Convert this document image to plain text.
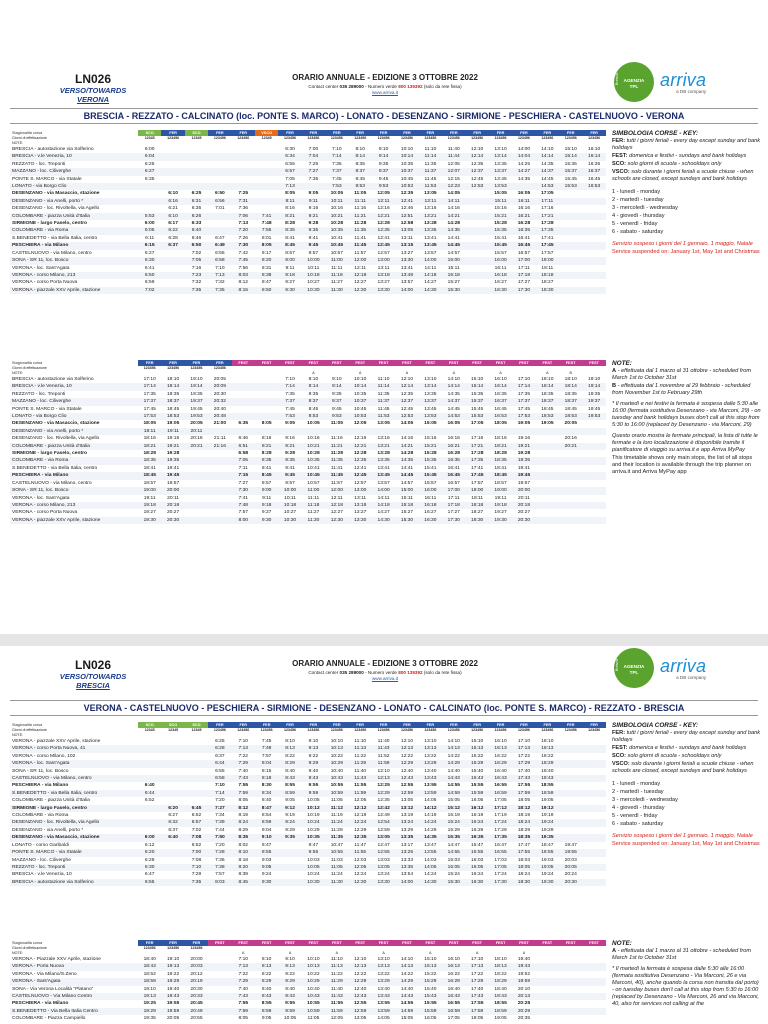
LN026
VERSO/TOWARDS VERONA
ORARIO ANNUALE - EDIZIONE 3 OTTOBRE 2022
Contact center 035 289000 - Numero verde 800 139392 (solo da rete fissa)
www.arriva.it
Brescia	AGENZIA
TPL	arriva
a DB company
BRESCIA - REZZATO - CALCINATO (loc. PONTE S. MARCO) - LONATO - DESENZANO - SIRMIONE - PESCHIERA - CASTELNUOVO - VERONA
Stagionalità corsa	SCO	FER	SCO	FER	FER	VSCO	FER	FER	FER	FER	FER	FER	FER	FER	FER	FER	FER	FER	FER	FER
Giorni di effettuazione	12345	123456	12345	123456	123456	12345	123456	123456	123456	123456	123456	123456	123456	123456	123456	123456	123456	123456	123456	123456
NOTE:																				
BRESCIA - autostazione via Solferino	6:00						6:30	7:00	7:10	8:10	9:10	10:10	11:10	11:40	12:10	13:10	14:00	14:10	15:10	16:10
BRESCIA - v.le Venezia, 10	6:04						6:34	7:04	7:14	8:14	9:14	10:14	11:14	11:44	12:14	13:14	14:04	14:14	15:14	16:14
REZZATO - loc. Treponti	6:25						6:55	7:25	7:35	8:35	9:35	10:35	11:35	12:05	12:35	13:35	14:25	14:35	15:35	16:35
MAZZANO - loc. Ciliverghe	6:27						6:57	7:27	7:37	8:37	9:37	10:37	11:37	12:07	12:37	13:37	14:27	14:37	15:37	16:37
PONTE S. MARCO - via Statale	6:35						7:05	7:35	7:45	8:45	9:45	10:45	11:45	12:15	12:45	13:45	14:35	14:45	15:45	16:45
LONATO - via Borgo Clio							7:13		7:53	8:53	9:53	10:53	11:53	12:23	12:53	13:53		14:53	15:53	16:53
DESENZANO - via Masaccio, stazione		6:10	6:25	6:50	7:25		8:05	9:05	10:05	11:05	12:05	12:35	13:05	14:05		15:05	16:05	17:05		
DESENZANO - via Anelli, porto *		6:16	6:31	6:56	7:31		8:11	9:11	10:11	11:11	12:11	12:41	13:11	14:11		15:11	16:11	17:11		
DESENZANO - loc. Rivoltella, via Agello		6:21	6:35	7:01	7:36		8:16	9:16	10:16	11:16	12:16	12:46	13:16	14:16		15:16	16:16	17:16		
COLOMBARE - piazza Unità d'Italia	5:53	6:10	6:26		7:06	7:41	8:21	9:21	10:21	11:21	12:21	12:51	13:21	14:21		15:21	16:21	17:21		
SIRMIONE - largo Faselo, centro	6:00	6:17	6:33		7:13	7:48	8:28	9:28	10:28	11:28	12:28	12:58	13:28	14:28		15:28	16:28	17:28		
COLOMBARE - via Roma	6:05	6:22	6:40		7:20	7:55	8:35	9:35	10:35	11:35	12:35	13:05	13:35	14:35		15:35	16:35	17:35		
S.BENEDETTO - via Bella Italia, centro	6:11	6:28	6:46	6:47	7:26	8:01	8:41	9:41	10:41	11:41	12:41	13:11	13:41	14:41		15:41	16:41	17:41		
PESCHIERA - via Milano	6:15	6:37	6:50	6:49	7:30	8:05	8:45	9:45	10:45	11:45	12:45	13:15	13:45	14:45		15:45	16:45	17:45		
CASTELNUOVO - via Milano, centro	6:27		7:02	6:55	7:42	8:17	8:57	9:57	10:57	11:57	12:57	13:27	13:57	14:57		15:57	16:57	17:57		
SONA - SR 11, loc. Bosco	6:30		7:05	6:58	7:45	8:20	9:00	10:00	11:00	12:00	13:00	13:30	14:00	15:00		16:00	17:00	18:00		
VERONA - loc. Sant'Agata	6:41		7:16	7:10	7:56	8:31	9:11	10:11	11:11	12:11	13:11	13:41	14:11	15:11		16:11	17:11	18:11		
VERONA - corso Milano, 213	6:50		7:23	7:13	8:03	8:38	9:18	10:18	11:18	12:18	13:18	13:48	14:18	15:18		16:18	17:18	18:18		
VERONA - corso Porta Nuova	6:59		7:32	7:32	8:12	8:47	9:27	10:27	11:27	12:27	13:27	13:57	14:27	15:27		16:27	17:27	18:27		
VERONA - piazzale XXV Aprile, stazione	7:02		7:35	7:35	8:15	8:50	9:30	10:30	11:30	12:30	13:30	14:00	14:30	15:30		16:30	17:30	18:30		
Stagionalità corsa	FER	FER	FER	FER	FEST	FEST	FEST	FEST	FEST	FEST	FEST	FEST	FEST	FEST	FEST	FEST	FEST	FEST	FEST	FEST
Giorni di effettuazione	123456	123456	123456	123456																
NOTE:								A		A		A		A		A		A	B	
BRESCIA - autostazione via Solferino	17:10	18:10	19:10	20:05			7:10	8:10	9:10	10:10	11:10	12:10	13:10	14:10	15:10	16:10	17:10	18:10	18:10	19:10
BRESCIA - v.le Venezia, 10	17:14	18:14	19:14	20:09			7:14	8:14	9:14	10:14	11:14	12:14	13:14	14:14	15:14	16:14	17:14	18:14	18:14	19:14
REZZATO - loc. Treponti	17:35	18:35	19:35	20:30			7:35	8:35	9:35	10:35	11:35	12:35	13:35	14:35	15:35	16:35	17:35	18:35	18:35	19:35
MAZZANO - loc. Ciliverghe	17:37	18:37	19:37	20:32			7:37	8:37	9:37	10:37	11:37	12:37	13:37	14:37	15:37	16:37	17:37	18:37	18:37	19:37
PONTE S. MARCO - via Statale	17:45	18:45	19:45	20:40			7:45	8:45	9:45	10:45	11:45	12:45	13:45	14:45	15:45	16:45	17:45	18:45	18:45	19:45
LONATO - via Borgo Clio	17:53	18:53	19:53	20:48			7:53	8:53	9:53	10:53	11:53	12:53	13:53	14:53	15:53	16:53	17:53	18:53	18:53	19:53
DESENZANO - via Masaccio, stazione	18:05	19:05	20:05	21:00	6:35	8:05	9:05	10:05	11:05	12:05	13:05	14:05	15:05	16:05	17:05	18:05	19:05	19:05	20:05	
DESENZANO - via Anelli, porto *	18:11	19:11	20:11																	
DESENZANO - loc. Rivoltella, via Agello	18:16	19:16	20:16	21:11	6:46	8:16	9:16	10:16	11:16	12:16	13:16	14:16	15:16	16:16	17:16	18:16	19:16		20:16	
COLOMBARE - piazza Unità d'Italia	18:21	19:21	20:21	21:16	6:51	8:21	9:21	10:21	11:21	12:21	13:21	14:21	15:21	16:21	17:21	18:21	19:21		20:21	
SIRMIONE - largo Faselo, centro	18:28	19:28			6:58	8:28	9:28	10:28	11:28	12:28	13:28	14:28	15:28	16:28	17:28	18:28	19:28			
COLOMBARE - via Roma	18:35	19:35			7:05	8:35	9:35	10:35	11:35	12:35	13:35	14:35	15:35	16:35	17:35	18:35	19:35			
S.BENEDETTO - via Bella Italia, centro	18:41	19:41			7:11	8:41	9:41	10:41	11:41	12:41	13:41	14:41	15:41	16:41	17:41	18:41	19:41			
PESCHIERA - via Milano	18:45	19:45			7:15	8:45	9:45	10:45	11:45	12:45	13:45	14:45	15:45	16:45	17:45	18:45	19:45			
CASTELNUOVO - via Milano, centro	18:57	19:57			7:27	8:57	9:57	10:57	11:57	12:57	13:57	14:57	15:57	16:57	17:57	18:57	19:57			
SONA - SR 11, loc. Bosco	19:00	20:00			7:30	9:00	10:00	11:00	12:00	13:00	14:00	15:00	16:00	17:00	18:00	19:00	20:00			
VERONA - loc. Sant'Agata	19:11	20:11			7:41	9:11	10:11	11:11	12:11	13:11	14:11	15:11	16:11	17:11	18:11	19:11	20:11			
VERONA - corso Milano, 213	19:18	20:18			7:48	9:18	10:18	11:18	12:18	13:18	14:18	15:18	16:18	17:18	18:18	19:18	20:18			
VERONA - corso Porta Nuova	19:27	20:27			7:57	9:27	10:27	11:27	12:27	13:27	14:27	15:27	16:27	17:27	18:27	19:27	20:27			
VERONA - piazzale XXV Aprile, stazione	19:30	20:30			8:00	9:30	10:30	11:30	12:30	13:30	14:30	15:30	16:30	17:30	18:30	19:30	20:30			
SIMBOLOGIA CORSE - KEY:

FER: tutti i giorni feriali - every day except sunday and bank holidays

FEST: domenica e festivi - sundays and bank holidays

SCO: solo giorni di scuola - schooldays only

VSCO: solo durante i giorni feriali a scuole chiuse - when schools are closed, except sundays and bank holidays

1 - lunedì - monday

2 - martedì - tuesday

3 - mercoledì - wednesday

4 - giovedì - thursday

5 - venerdì - friday

6 - sabato - saturday

Servizio sospeso i giorni del 1 gennaio, 1 maggio, Natale
Service suspended on: January 1st, May 1st and Christmas
NOTE:

A - effettuata dal 1 marzo al 31 ottobre - scheduled from March 1st to October 31st

B - effettuata dal 1 novembre al 29 febbraio - scheduled from November 1st to February 29th

* Il martedì e nei festivi la fermata è sospesa dalle 5:30 alle 16:00 (fermata sostitutiva Desenzano - via Marconi, 29) - on tuesday and bank holidays buses don't call at this stop from 5:30 to 16:00 (replaced by Desenzano - via Marconi, 29)

Questo orario mostra le fermate principali, la lista di tutte le fermate e la loro localizzazione è disponibile tramite il pianificatore di viaggio su arriva.it e app Arriva MyPay

This timetable shows only main stops, the list of all stops and their location is available through the trip planner on arriva.it and Arriva MyPay app

LN026
VERSO/TOWARDS BRESCIA
ORARIO ANNUALE - EDIZIONE 3 OTTOBRE 2022
Contact center 035 289000 - Numero verde 800 139392 (solo da rete fissa)
www.arriva.it
Brescia	AGENZIA
TPL	arriva
a DB company
VERONA - CASTELNUOVO - PESCHIERA - SIRMIONE - DESENZANO - LONATO - CALCINATO (loc. PONTE S. MARCO) - REZZATO - BRESCIA
Stagionalità corsa	SCO	SCO	SCO	FER	FER	FER	FER	FER	FER	FER	FER	FER	FER	FER	FER	FER	FER	FER	FER	FER
Giorni di effettuazione	12345	12345	12345	123456	123456	123456	123456	123456	123456	123456	123456	123456	123456	123456	123456	123456	123456	123456	123456	123456
NOTE:																				
VERONA - piazzale XXV Aprile, stazione				6:25	7:10	7:45	8:10	9:10	10:10	11:10	11:40	12:10	13:10	14:10	15:10	16:10	17:10	18:10		
VERONA - corso Porta Nuova, 41				6:28	7:13	7:48	8:13	9:13	10:13	11:13	11:43	12:13	13:13	14:13	15:13	16:13	17:13	18:13		
VERONA - corso Milano, 102				6:37	7:22	7:57	8:22	9:22	10:22	11:22	11:52	12:22	13:22	14:22	15:22	16:22	17:22	18:22		
VERONA - loc. Sant'Agata				6:44	7:29	8:04	8:29	9:29	10:29	11:29	11:59	12:29	13:29	14:29	15:29	16:29	17:29	18:29		
SONA - SR 11, loc. Bosco				6:55	7:40	8:15	8:40	9:40	10:40	11:40	12:10	12:40	13:40	14:40	15:40	16:40	17:40	18:40		
CASTELNUOVO - via Milano, centro				6:58	7:43	8:18	8:43	9:43	10:43	11:43	12:13	12:43	13:43	14:43	15:43	16:43	17:43	18:43		
PESCHIERA - via Milano	6:40			7:10	7:55	8:30	8:55	9:55	10:55	11:55	12:25	12:55	13:55	14:55	15:55	16:55	17:55	18:55		
S.BENEDETTO - via Bella Italia, centro	6:44			7:14	7:59	8:34	8:59	9:59	10:59	11:59	12:29	12:59	13:59	14:59	15:59	16:59	17:59	18:59		
COLOMBARE - piazza Unità d'Italia	6:52			7:20	8:05	8:40	9:05	10:05	11:05	12:05	12:35	13:05	14:05	15:05	16:05	17:05	18:05	19:05		
SIRMIONE - largo Faselo, centro		6:20	6:45	7:27	8:12	8:47	9:12	10:12	11:12	12:12	12:42	13:12	14:12	15:12	16:12	17:12	18:12	19:12		
COLOMBARE - via Roma		6:27	6:52	7:34	8:19	8:54	9:19	10:19	11:19	12:19	12:49	13:19	14:19	15:19	16:19	17:19	18:19	19:19		
DESENZANO - loc. Rivoltella, via Agello		6:32	6:57	7:39	8:24	8:59	9:24	10:24	11:24	12:24	12:54	13:24	14:24	15:24	16:24	17:24	18:24	19:24		
DESENZANO - via Anelli, porto *		6:37	7:02	7:44	8:29	9:04	9:29	10:29	11:29	12:29	12:59	13:29	14:29	15:29	16:29	17:29	18:29	19:29		
DESENZANO - via Masaccio, stazione	6:00	6:40	7:08	7:50	8:35	9:10	9:35	10:35	11:35	12:35	13:05	13:35	14:35	15:35	16:35	17:35	18:35	19:35		
LONATO - corso Garibaldi	6:12		6:52	7:20	8:02	8:47		9:47	10:47	11:47	12:47	13:17	13:47	14:47	15:47	16:47	17:47	18:47	19:47	
PONTE S. MARCO - via Statale	6:20		7:00	7:28	8:10	8:55		9:55	10:55	11:55	12:55	13:25	13:55	14:55	15:55	16:55	17:55	18:55	19:55	
MAZZANO - loc. Ciliverghe	6:28		7:08	7:36	8:18	9:03		10:03	11:03	12:03	13:03	13:33	14:03	15:03	16:03	17:03	18:03	19:03	20:03	
REZZATO - loc. Treponti	6:30		7:10	7:38	8:20	9:05		10:05	11:05	12:05	13:05	13:35	14:05	15:05	16:05	17:05	18:05	19:05	20:05	
BRESCIA - v.le Venezia, 10	6:47		7:29	7:57	8:39	9:24		10:24	11:24	12:24	13:24	13:54	14:24	15:24	16:24	17:24	18:24	19:24	20:24	
BRESCIA - autostazione via Solferino	6:55		7:35	8:03	8:45	9:30		10:30	11:30	12:30	13:30	14:00	14:30	15:30	16:30	17:30	18:30	19:30	20:30	
Stagionalità corsa	FER	FER	FER	FEST	FEST	FEST	FEST	FEST	FEST	FEST	FEST	FEST	FEST	FEST	FEST	FEST	FEST	FEST	FEST	FEST
Giorni di effettuazione	123456	123456	123456																	
NOTE:					A		A		A		A		A		A		A			
VERONA - Piazzale XXV Aprile, stazione	18:40	19:10	20:00		7:10	8:10	9:10	10:10	11:10	12:10	13:10	14:10	15:10	16:10	17:10	18:10	19:40			
VERONA - Porta Nuova	18:43	19:13	20:03		7:13	8:13	9:13	10:13	11:13	12:13	13:13	14:13	15:13	16:13	17:13	18:13	19:43			
VERONA - Via Milano/S.Zeno	18:52	19:22	20:12		7:22	8:22	9:22	10:22	11:22	12:22	13:22	14:22	15:22	16:22	17:22	18:22	19:52			
VERONA - Sant'Agata	18:59	19:29	20:19		7:29	8:29	9:29	10:29	11:29	12:29	13:29	14:29	15:29	16:29	17:29	18:29	19:59			
SONA - Via Verona Località "Platano"	19:10	19:40	20:30		7:40	8:40	9:40	10:40	11:40	12:40	13:40	14:40	15:40	16:40	17:40	18:40	20:10			
CASTELNUOVO - Via Milano Centro	19:13	19:43	20:33		7:43	8:43	9:43	10:43	11:43	12:43	13:43	14:43	15:43	16:43	17:43	18:43	20:13			
PESCHIERA - via Milano	19:25	19:55	20:45		7:55	8:55	9:55	10:55	11:55	12:55	13:55	14:55	15:55	16:55	17:55	18:55	20:25			
S.BENEDETTO - Via Bella Italia Centro	19:29	19:59	20:49		7:59	8:59	9:59	10:59	11:59	12:59	13:59	14:59	15:59	16:59	17:59	18:59	20:29			
COLOMBARE - Piazza Campiello	19:35	20:05	20:55		8:05	9:05	10:05	11:05	12:05	13:05	14:05	15:05	16:05	17:05	18:05	19:05	20:35			
SIMBOLOGIA CORSE - KEY:

FER: tutti i giorni feriali - every day except sunday and bank holidays

FEST: domenica e festivi - sundays and bank holidays

SCO: solo giorni di scuola - schooldays only

VSCO: solo durante i giorni feriali a scuole chiuse - when schools are closed, except sundays and bank holidays

1 - lunedì - monday

2 - martedì - tuesday

3 - mercoledì - wednesday

4 - giovedì - thursday

5 - venerdì - friday

6 - sabato - saturday

Servizio sospeso i giorni del 1 gennaio, 1 maggio, Natale
Service suspended on: January 1st, May 1st and Christmas
NOTE:

A - effettuata dal 1 marzo al 31 ottobre - scheduled from March 1st to October 31st

* Il martedì la fermata è sospesa dalle 5:30 alle 16:00 (fermata sostitutiva Desenzano - Via Marconi, 26 e via Marconi, 40), anche quando la corsa non transita dal porto) - on tuesday buses don't call at this stop from 5:30 to 16:00 (replaced by Desenzano - Via Marconi, 26 and via Marconi, 40, also for services not calling at the
